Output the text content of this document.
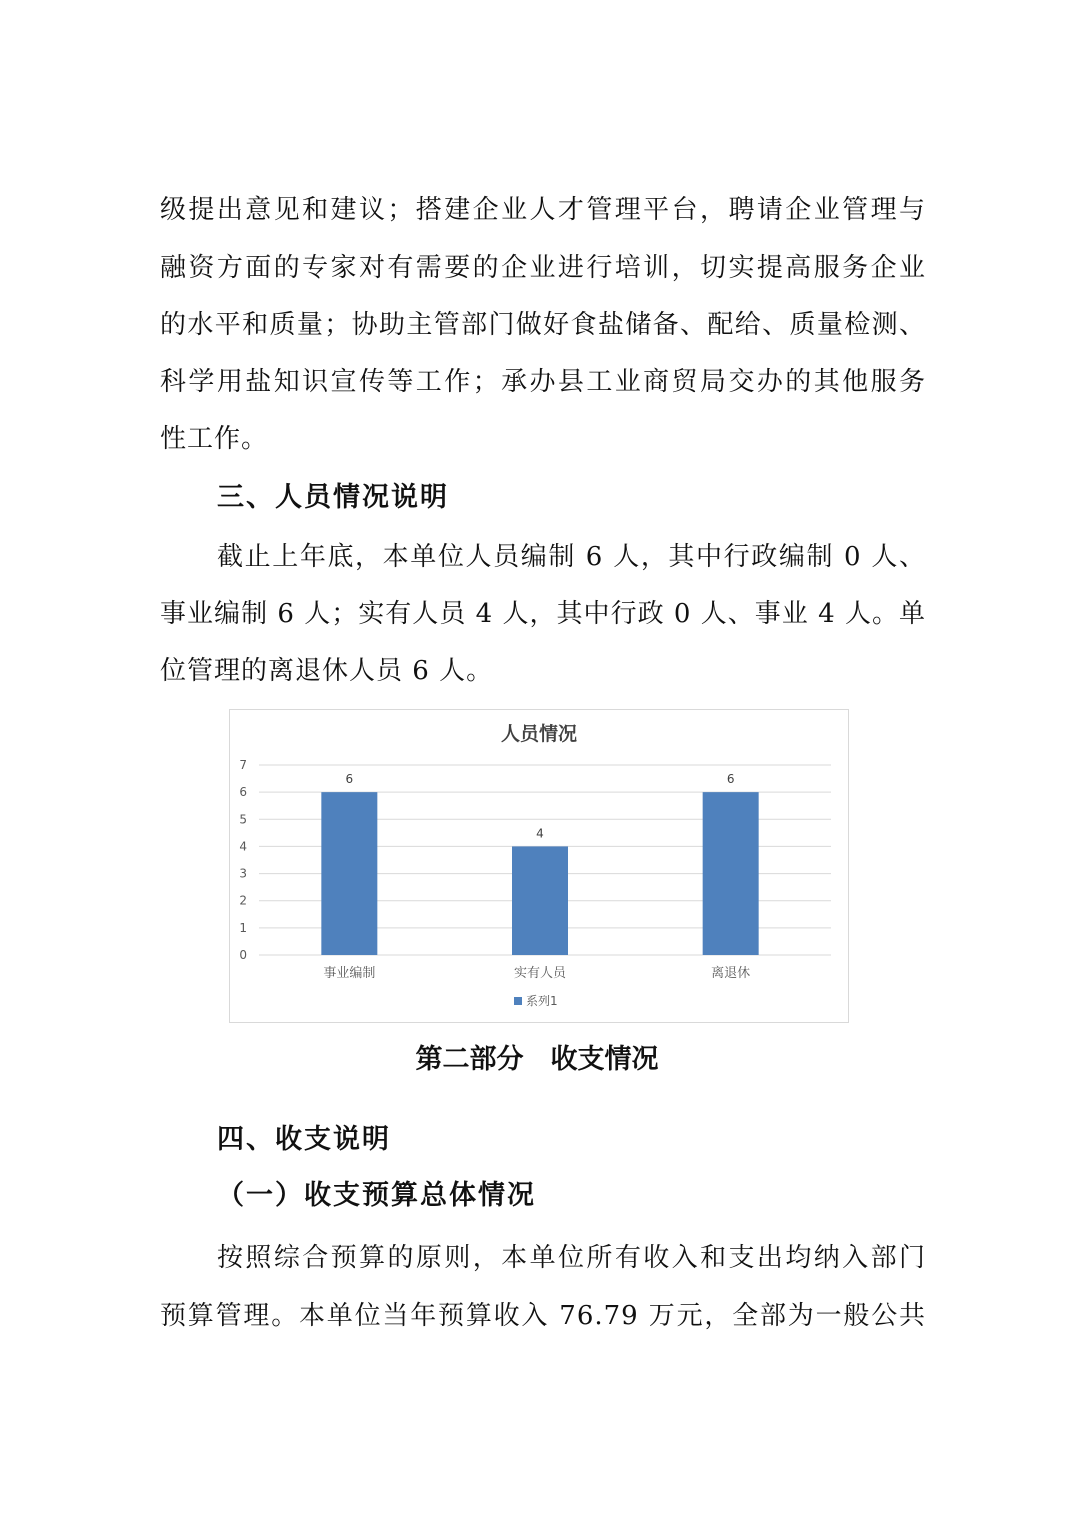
级提出意见和建议；搭建企业人才管理平台，聘请企业管理与
融资方面的专家对有需要的企业进行培训，切实提高服务企业
的水平和质量；协助主管部门做好食盐储备、配给、质量检测、
科学用盐知识宣传等工作；承办县工业商贸局交办的其他服务
性工作。
三、人员情况说明
截止上年底，本单位人员编制 6 人，其中行政编制 0 人、
事业编制 6 人；实有人员 4 人，其中行政 0 人、事业 4 人。单
位管理的离退休人员 6 人。
人员情况
0
1
2
3
4
5
6
7
6
4
6
事业编制	实有人员	离退休
系列1
第二部分　收支情况
四、收支说明
（一）收支预算总体情况
按照综合预算的原则，本单位所有收入和支出均纳入部门
预算管理。本单位当年预算收入 76.79 万元，全部为一般公共
